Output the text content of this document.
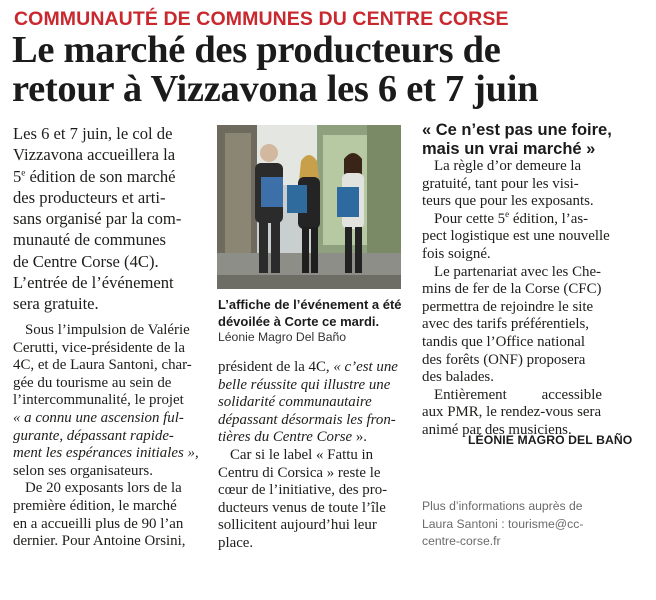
COMMUNAUTÉ DE COMMUNES DU CENTRE CORSE
Le marché des producteurs de
retour à Vizzavona les 6 et 7 juin
Les 6 et 7 juin, le col de
Vizzavona accueillera la
5e édition de son marché
des producteurs et arti-
sans organisé par la com-
munauté de communes
de Centre Corse (4C).
L’entrée de l’événement
sera gratuite.
Sous l’impulsion de Valérie
Cerutti, vice-présidente de la
4C, et de Laura Santoni, char-
gée du tourisme au sein de
l’intercommunalité, le projet
« a connu une ascension ful-
gurante, dépassant rapide-
ment les espérances initiales »,
selon ses organisateurs.
De 20 exposants lors de la
première édition, le marché
en a accueilli plus de 90 l’an
dernier. Pour Antoine Orsini,
L’affiche de l’événement a été
dévoilée à Corte ce mardi.
Léonie Magro Del Baño
président de la 4C, « c’est une
belle réussite qui illustre une
solidarité communautaire
dépassant désormais les fron-
tières du Centre Corse ».
Car si le label « Fattu in
Centru di Corsica » reste le
cœur de l’initiative, des pro-
ducteurs venus de toute l’île
sollicitent aujourd’hui leur
place.
« Ce n’est pas une foire,
mais un vrai marché »
La règle d’or demeure la
gratuité, tant pour les visi-
teurs que pour les exposants.
Pour cette 5e édition, l’as-
pect logistique est une nouvelle
fois soigné.
Le partenariat avec les Che-
mins de fer de la Corse (CFC)
permettra de rejoindre le site
avec des tarifs préférentiels,
tandis que l’Office national
des forêts (ONF) proposera
des balades.
Entièrement accessible
aux PMR, le rendez-vous sera
animé par des musiciens.
LÉONIE MAGRO DEL BAÑO
Plus d’informations auprès de
Laura Santoni : tourisme@cc-
centre-corse.fr
